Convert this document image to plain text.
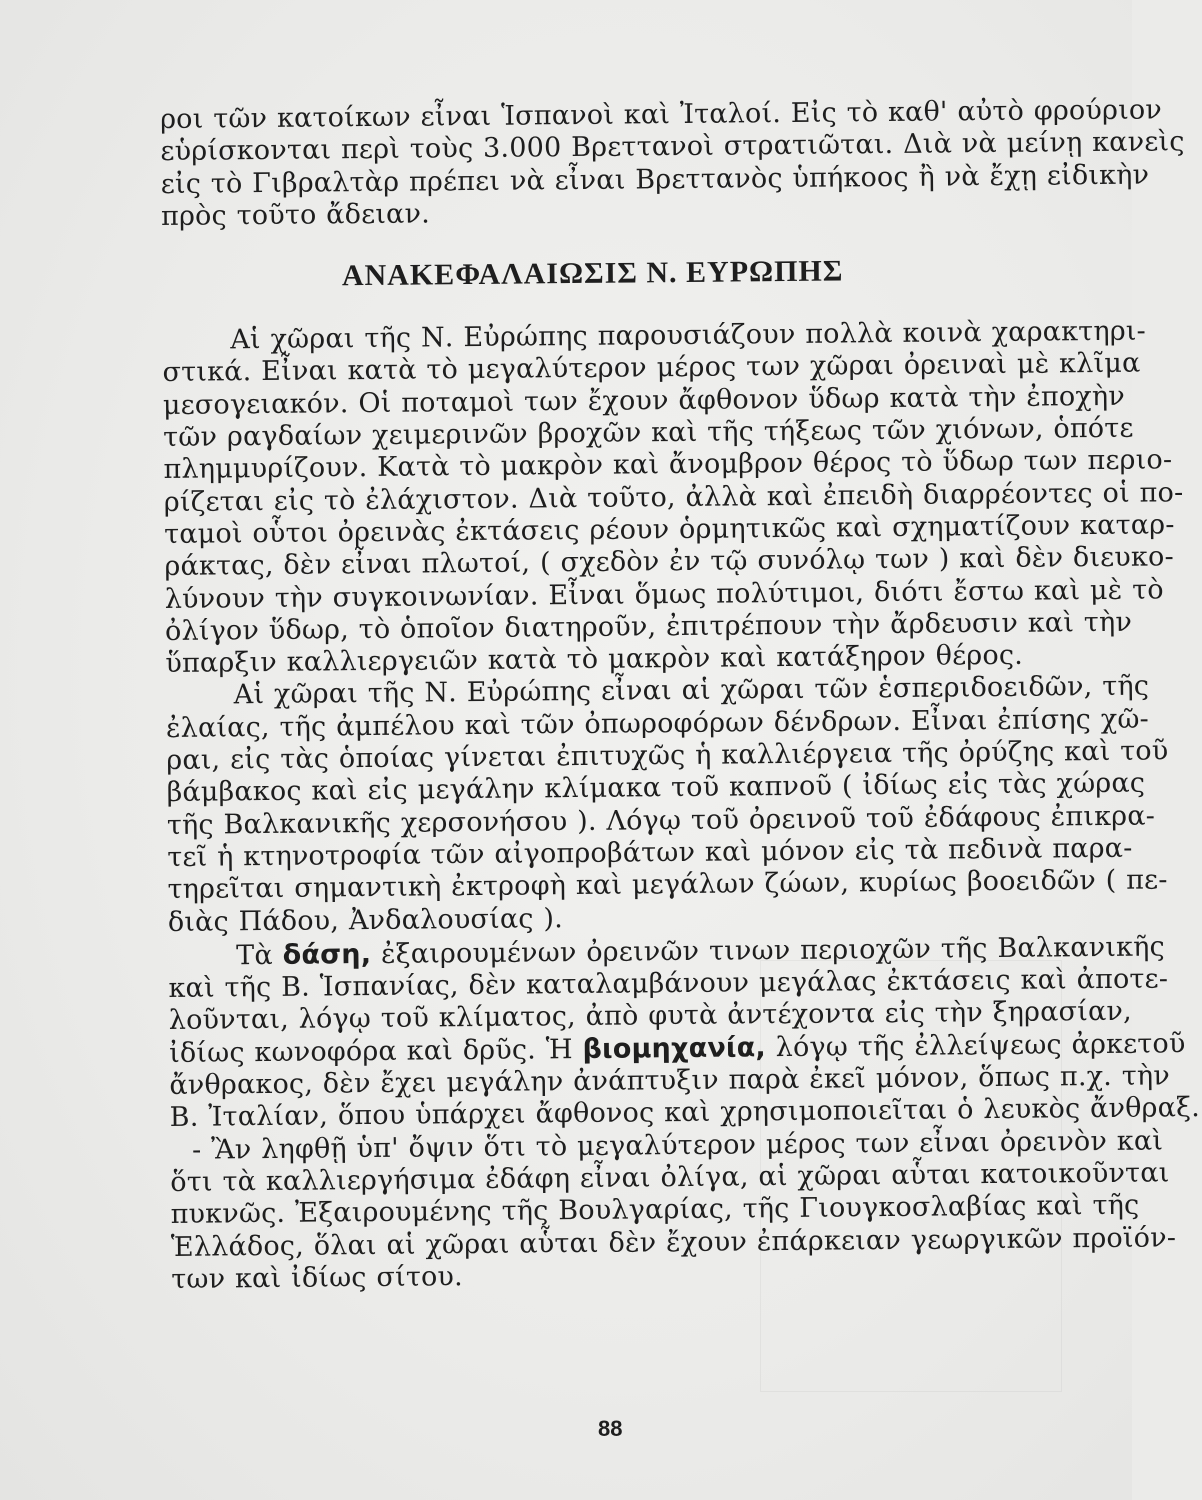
ροι τῶν κατοίκων εἶναι Ἱσπανοὶ καὶ Ἰταλοί. Εἰς τὸ καθ' αὐτὸ φρούριον
εὑρίσκονται περὶ τοὺς 3.000 Βρεττανοὶ στρατιῶται. Διὰ νὰ μείνῃ κανεὶς
εἰς τὸ Γιβραλτὰρ πρέπει νὰ εἶναι Βρεττανὸς ὑπήκοος ἢ νὰ ἔχῃ εἰδικὴν
πρὸς τοῦτο ἄδειαν.
ΑΝΑΚΕΦΑΛΑΙΩΣΙΣ Ν. ΕΥΡΩΠΗΣ
Αἱ χῶραι τῆς Ν. Εὐρώπης παρουσιάζουν πολλὰ κοινὰ χαρακτηρι-
στικά. Εἶναι κατὰ τὸ μεγαλύτερον μέρος των χῶραι ὀρειναὶ μὲ κλῖμα
μεσογειακόν. Οἱ ποταμοὶ των ἔχουν ἄφθονον ὕδωρ κατὰ τὴν ἐποχὴν
τῶν ραγδαίων χειμερινῶν βροχῶν καὶ τῆς τήξεως τῶν χιόνων, ὁπότε
πλημμυρίζουν. Κατὰ τὸ μακρὸν καὶ ἄνομβρον θέρος τὸ ὕδωρ των περιο-
ρίζεται εἰς τὸ ἐλάχιστον. Διὰ τοῦτο, ἀλλὰ καὶ ἐπειδὴ διαρρέοντες οἱ πο-
ταμοὶ οὗτοι ὀρεινὰς ἐκτάσεις ρέουν ὁρμητικῶς καὶ σχηματίζουν καταρ-
ράκτας, δὲν εἶναι πλωτοί, ( σχεδὸν ἐν τῷ συνόλῳ των ) καὶ δὲν διευκο-
λύνουν τὴν συγκοινωνίαν. Εἶναι ὅμως πολύτιμοι, διότι ἔστω καὶ μὲ τὸ
ὀλίγον ὕδωρ, τὸ ὁποῖον διατηροῦν, ἐπιτρέπουν τὴν ἄρδευσιν καὶ τὴν
ὕπαρξιν καλλιεργειῶν κατὰ τὸ μακρὸν καὶ κατάξηρον θέρος.
Αἱ χῶραι τῆς Ν. Εὐρώπης εἶναι αἱ χῶραι τῶν ἑσπεριδοειδῶν, τῆς
ἐλαίας, τῆς ἀμπέλου καὶ τῶν ὀπωροφόρων δένδρων. Εἶναι ἐπίσης χῶ-
ραι, εἰς τὰς ὁποίας γίνεται ἐπιτυχῶς ἡ καλλιέργεια τῆς ὀρύζης καὶ τοῦ
βάμβακος καὶ εἰς μεγάλην κλίμακα τοῦ καπνοῦ ( ἰδίως εἰς τὰς χώρας
τῆς Βαλκανικῆς χερσονήσου ). Λόγῳ τοῦ ὀρεινοῦ τοῦ ἐδάφους ἐπικρα-
τεῖ ἡ κτηνοτροφία τῶν αἰγοπροβάτων καὶ μόνον εἰς τὰ πεδινὰ παρα-
τηρεῖται σημαντικὴ ἐκτροφὴ καὶ μεγάλων ζώων, κυρίως βοοειδῶν ( πε-
διὰς Πάδου, Ἀνδαλουσίας ).
Τὰ δάση, ἐξαιρουμένων ὀρεινῶν τινων περιοχῶν τῆς Βαλκανικῆς
καὶ τῆς Β. Ἱσπανίας, δὲν καταλαμβάνουν μεγάλας ἐκτάσεις καὶ ἀποτε-
λοῦνται, λόγῳ τοῦ κλίματος, ἀπὸ φυτὰ ἀντέχοντα εἰς τὴν ξηρασίαν,
ἰδίως κωνοφόρα καὶ δρῦς. Ἡ βιομηχανία, λόγῳ τῆς ἐλλείψεως ἀρκετοῦ
ἄνθρακος, δὲν ἔχει μεγάλην ἀνάπτυξιν παρὰ ἐκεῖ μόνον, ὅπως π.χ. τὴν
Β. Ἰταλίαν, ὅπου ὑπάρχει ἄφθονος καὶ χρησιμοποιεῖται ὁ λευκὸς ἄνθραξ.
- Ἂν ληφθῇ ὑπ' ὄψιν ὅτι τὸ μεγαλύτερον μέρος των εἶναι ὀρεινὸν καὶ
ὅτι τὰ καλλιεργήσιμα ἐδάφη εἶναι ὀλίγα, αἱ χῶραι αὗται κατοικοῦνται
πυκνῶς. Ἐξαιρουμένης τῆς Βουλγαρίας, τῆς Γιουγκοσλαβίας καὶ τῆς
Ἑλλάδος, ὅλαι αἱ χῶραι αὗται δὲν ἔχουν ἐπάρκειαν γεωργικῶν προϊόν-
των καὶ ἰδίως σίτου.
88
